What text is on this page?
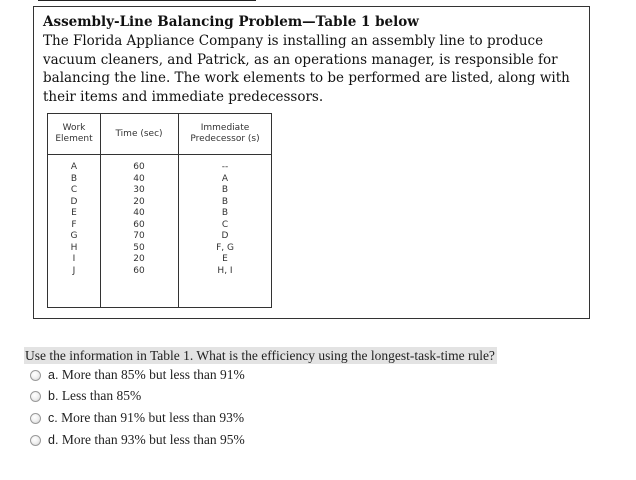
Assembly-Line Balancing Problem—Table 1 below

The Florida Appliance Company is installing an assembly line to produce vacuum cleaners, and Patrick, as an operations manager, is responsible for balancing the line. The work elements to be performed are listed, along with their items and immediate predecessors.

Work
Element	Time (sec)
Immediate
Predecessor (s)
A
B
C
D
E
F
G
H
I
J
60
40
30
20
40
60
70
50
20
60
--
A
B
B
B
C
D
F, G
E
H, I
Use the information in Table 1. What is the efficiency using the longest-task-time rule?
a.
More than 85% but less than 91%
b.
Less than 85%
c.
More than 91% but less than 93%
d.
More than 93% but less than 95%
